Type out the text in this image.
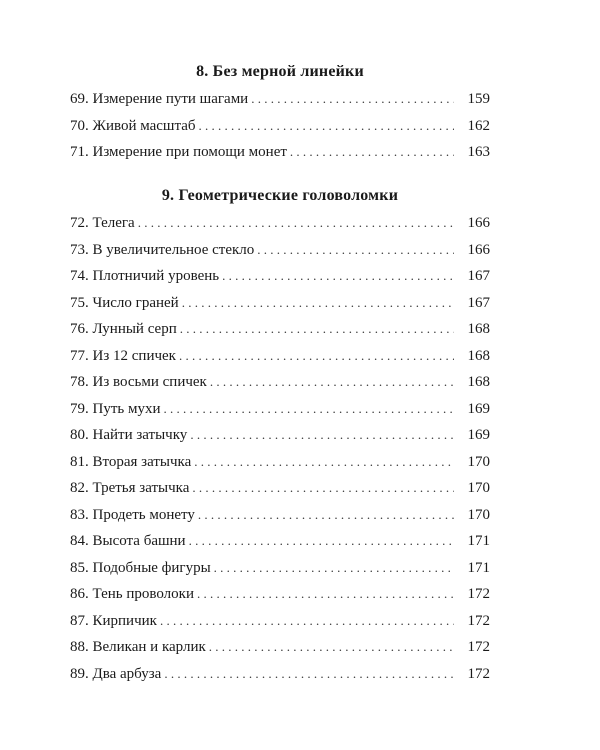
8. Без мерной линейки
69. Измерение пути шагами . . .	159
70. Живой масштаб . . .	162
71. Измерение при помощи монет . . .	163
9. Геометрические головоломки
72. Телега . . .	166
73. В увеличительное стекло . . .	166
74. Плотничий уровень . . .	167
75. Число граней . . .	167
76. Лунный серп . . .	168
77. Из 12 спичек . . .	168
78. Из восьми спичек . . .	168
79. Путь мухи . . .	169
80. Найти затычку . . .	169
81. Вторая затычка . . .	170
82. Третья затычка . . .	170
83. Продеть монету . . .	170
84. Высота башни . . .	171
85. Подобные фигуры . . .	171
86. Тень проволоки . . .	172
87. Кирпичик . . .	172
88. Великан и карлик . . .	172
89. Два арбуза . . .	172
